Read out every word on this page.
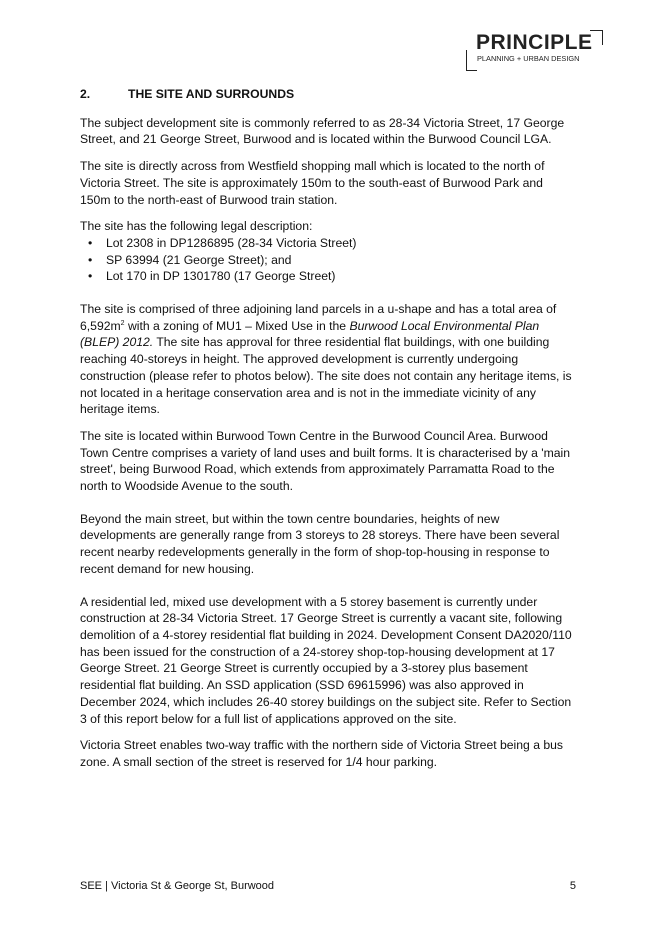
PRINCIPLE
PLANNING + URBAN DESIGN
2.	THE SITE AND SURROUNDS

The subject development site is commonly referred to as 28-34 Victoria Street, 17 George Street, and 21 George Street, Burwood and is located within the Burwood Council LGA.

The site is directly across from Westfield shopping mall which is located to the north of Victoria Street. The site is approximately 150m to the south-east of Burwood Park and 150m to the north-east of Burwood train station.

The site has the following legal description:

• Lot 2308 in DP1286895 (28-34 Victoria Street)
• SP 63994 (21 George Street); and
• Lot 170 in DP 1301780 (17 George Street)

The site is comprised of three adjoining land parcels in a u-shape and has a total area of $6,592m^2$ with a zoning of MU1 – Mixed Use in the Burwood Local Environmental Plan (BLEP) 2012. The site has approval for three residential flat buildings, with one building reaching 40-storeys in height. The approved development is currently undergoing construction (please refer to photos below). The site does not contain any heritage items, is not located in a heritage conservation area and is not in the immediate vicinity of any heritage items.

The site is located within Burwood Town Centre in the Burwood Council Area. Burwood Town Centre comprises a variety of land uses and built forms. It is characterised by a 'main street', being Burwood Road, which extends from approximately Parramatta Road to the north to Woodside Avenue to the south.

Beyond the main street, but within the town centre boundaries, heights of new developments are generally range from 3 storeys to 28 storeys. There have been several recent nearby redevelopments generally in the form of shop-top-housing in response to recent demand for new housing.

A residential led, mixed use development with a 5 storey basement is currently under construction at 28-34 Victoria Street. 17 George Street is currently a vacant site, following demolition of a 4-storey residential flat building in 2024. Development Consent DA2020/110 has been issued for the construction of a 24-storey shop-top-housing development at 17 George Street. 21 George Street is currently occupied by a 3-storey plus basement residential flat building. An SSD application (SSD 69615996) was also approved in December 2024, which includes 26-40 storey buildings on the subject site. Refer to Section 3 of this report below for a full list of applications approved on the site.

Victoria Street enables two-way traffic with the northern side of Victoria Street being a bus zone. A small section of the street is reserved for 1/4 hour parking.

SEE | Victoria St & George St, Burwood	5
